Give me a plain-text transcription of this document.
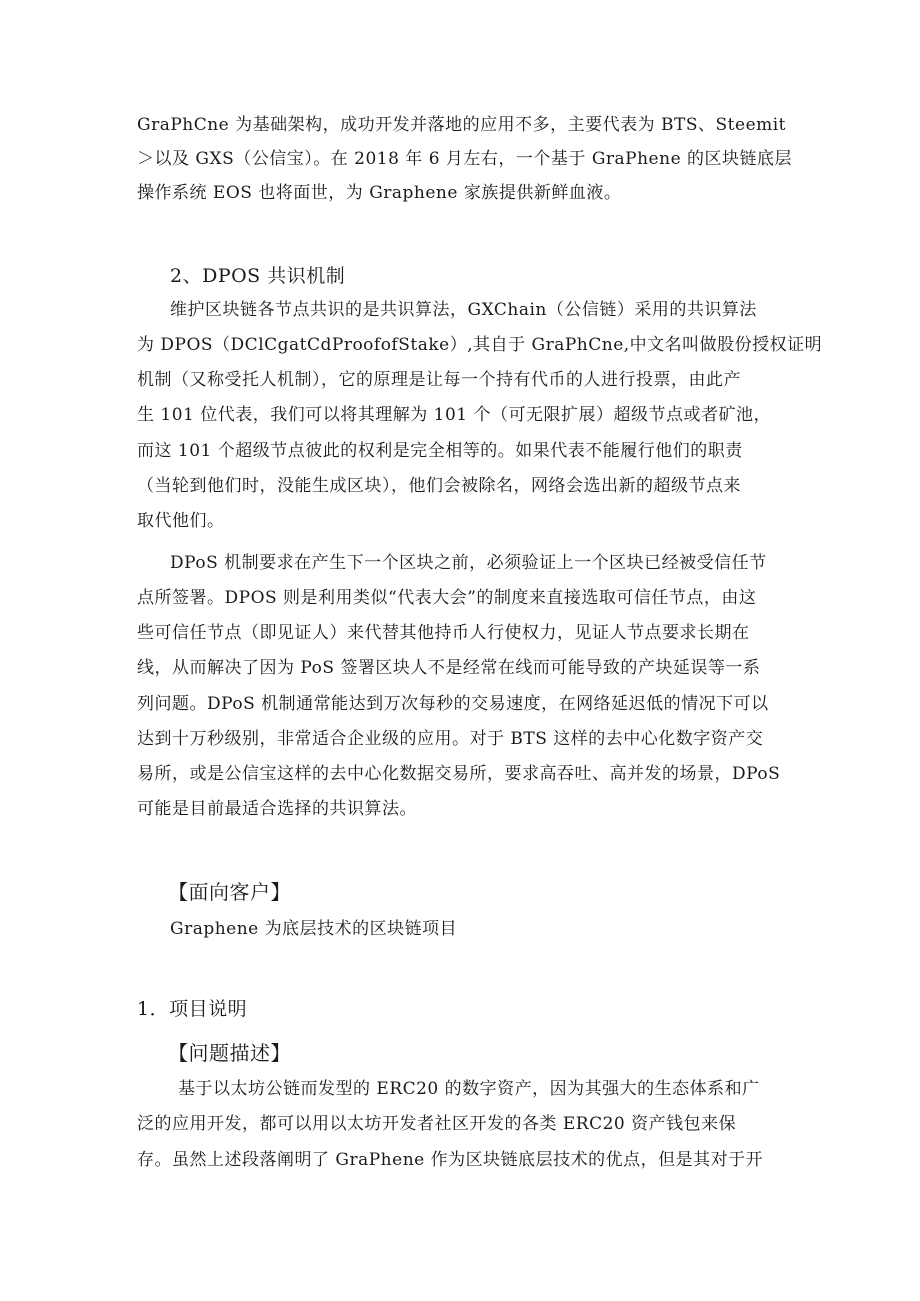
GraPhCne 为基础架构，成功开发并落地的应用不多，主要代表为 BTS、Steemit
＞以及 GXS（公信宝）。在 2018 年 6 月左右，一个基于 GraPhene 的区块链底层
操作系统 EOS 也将面世，为 Graphene 家族提供新鲜血液。
2、DPOS 共识机制
维护区块链各节点共识的是共识算法，GXChain（公信链）采用的共识算法
为 DPOS（DClCgatCdProofofStake）,其自于 GraPhCne,中文名叫做股份授权证明
机制（又称受托人机制），它的原理是让每一个持有代币的人进行投票，由此产
生 101 位代表，我们可以将其理解为 101 个（可无限扩展）超级节点或者矿池，
而这 101 个超级节点彼此的权利是完全相等的。如果代表不能履行他们的职责
（当轮到他们时，没能生成区块），他们会被除名，网络会选出新的超级节点来
取代他们。
DPoS 机制要求在产生下一个区块之前，必须验证上一个区块已经被受信任节
点所签署。DPOS 则是利用类似“代表大会”的制度来直接选取可信任节点，由这
些可信任节点（即见证人）来代替其他持币人行使权力，见证人节点要求长期在
线，从而解决了因为 PoS 签署区块人不是经常在线而可能导致的产块延误等一系
列问题。DPoS 机制通常能达到万次每秒的交易速度，在网络延迟低的情况下可以
达到十万秒级别，非常适合企业级的应用。对于 BTS 这样的去中心化数字资产交
易所，或是公信宝这样的去中心化数据交易所，要求高吞吐、高并发的场景，DPoS
可能是目前最适合选择的共识算法。
【面向客户】
Graphene 为底层技术的区块链项目
1．项目说明
【问题描述】
基于以太坊公链而发型的 ERC20 的数字资产，因为其强大的生态体系和广
泛的应用开发，都可以用以太坊开发者社区开发的各类 ERC20 资产钱包来保
存。虽然上述段落阐明了 GraPhene 作为区块链底层技术的优点，但是其对于开
